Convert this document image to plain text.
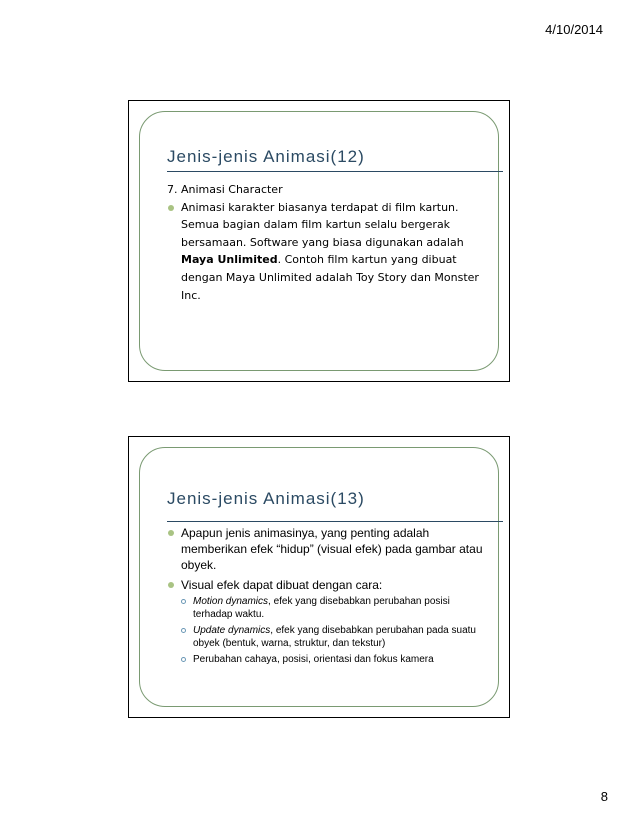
4/10/2014
Jenis-jenis Animasi(12)
7. Animasi Character

Animasi karakter biasanya terdapat di film kartun. Semua bagian dalam film kartun selalu bergerak bersamaan. Software yang biasa digunakan adalah Maya Unlimited. Contoh film kartun yang dibuat dengan Maya Unlimited adalah Toy Story dan Monster Inc.

Jenis-jenis Animasi(13)

Apapun jenis animasinya, yang penting adalah memberikan efek “hidup” (visual efek) pada gambar atau obyek.

Visual efek dapat dibuat dengan cara:

Motion dynamics, efek yang disebabkan perubahan posisi terhadap waktu.
Update dynamics, efek yang disebabkan perubahan pada suatu obyek (bentuk, warna, struktur, dan tekstur)
Perubahan cahaya, posisi, orientasi dan fokus kamera
8
